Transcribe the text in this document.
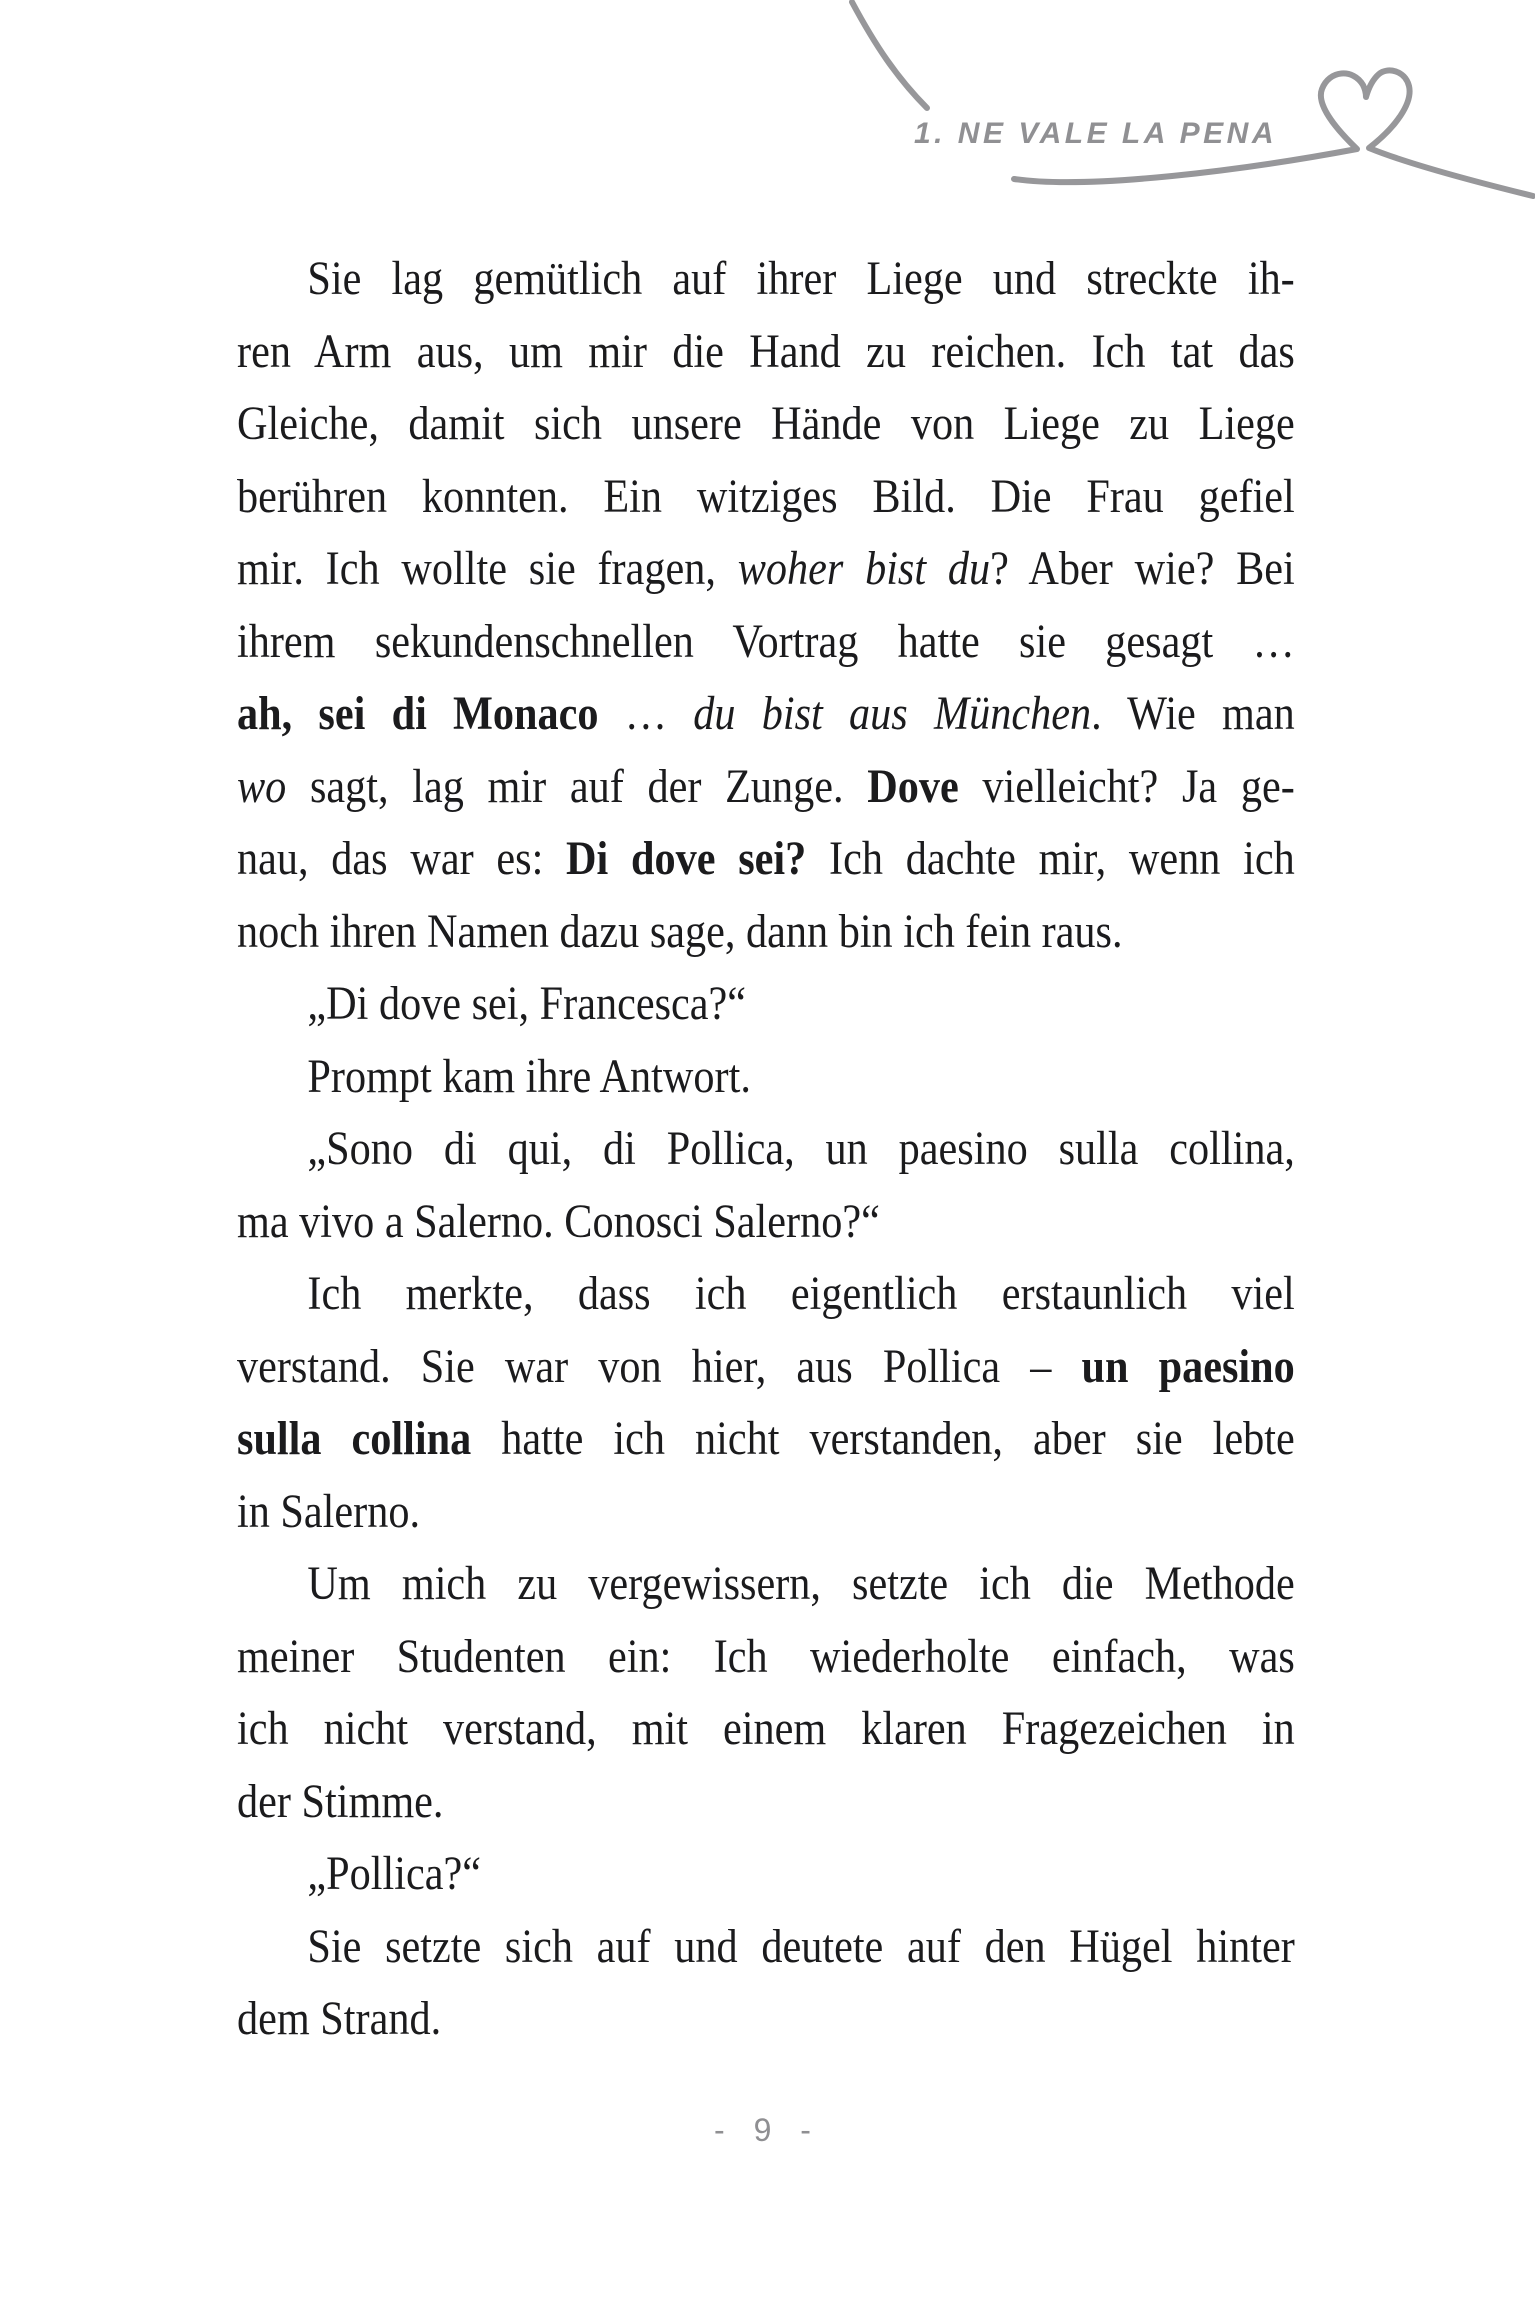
1. NE VALE LA PENA
Sie lag gemütlich auf ihrer Liege und streckte ih-
ren Arm aus, um mir die Hand zu reichen. Ich tat das
Gleiche, damit sich unsere Hände von Liege zu Liege
berühren konnten. Ein witziges Bild. Die Frau gefiel
mir. Ich wollte sie fragen, woher bist du? Aber wie? Bei
ihrem sekundenschnellen Vortrag hatte sie gesagt …
ah, sei di Monaco … du bist aus München. Wie man
wo sagt, lag mir auf der Zunge. Dove vielleicht? Ja ge-
nau, das war es: Di dove sei? Ich dachte mir, wenn ich
noch ihren Namen dazu sage, dann bin ich fein raus.
„Di dove sei, Francesca?“
Prompt kam ihre Antwort.
„Sono di qui, di Pollica, un paesino sulla collina,
ma vivo a Salerno. Conosci Salerno?“
Ich merkte, dass ich eigentlich erstaunlich viel
verstand. Sie war von hier, aus Pollica – un paesino
sulla collina hatte ich nicht verstanden, aber sie lebte
in Salerno.
Um mich zu vergewissern, setzte ich die Methode
meiner Studenten ein: Ich wiederholte einfach, was
ich nicht verstand, mit einem klaren Fragezeichen in
der Stimme.
„Pollica?“
Sie setzte sich auf und deutete auf den Hügel hinter
dem Strand.
- 9 -
